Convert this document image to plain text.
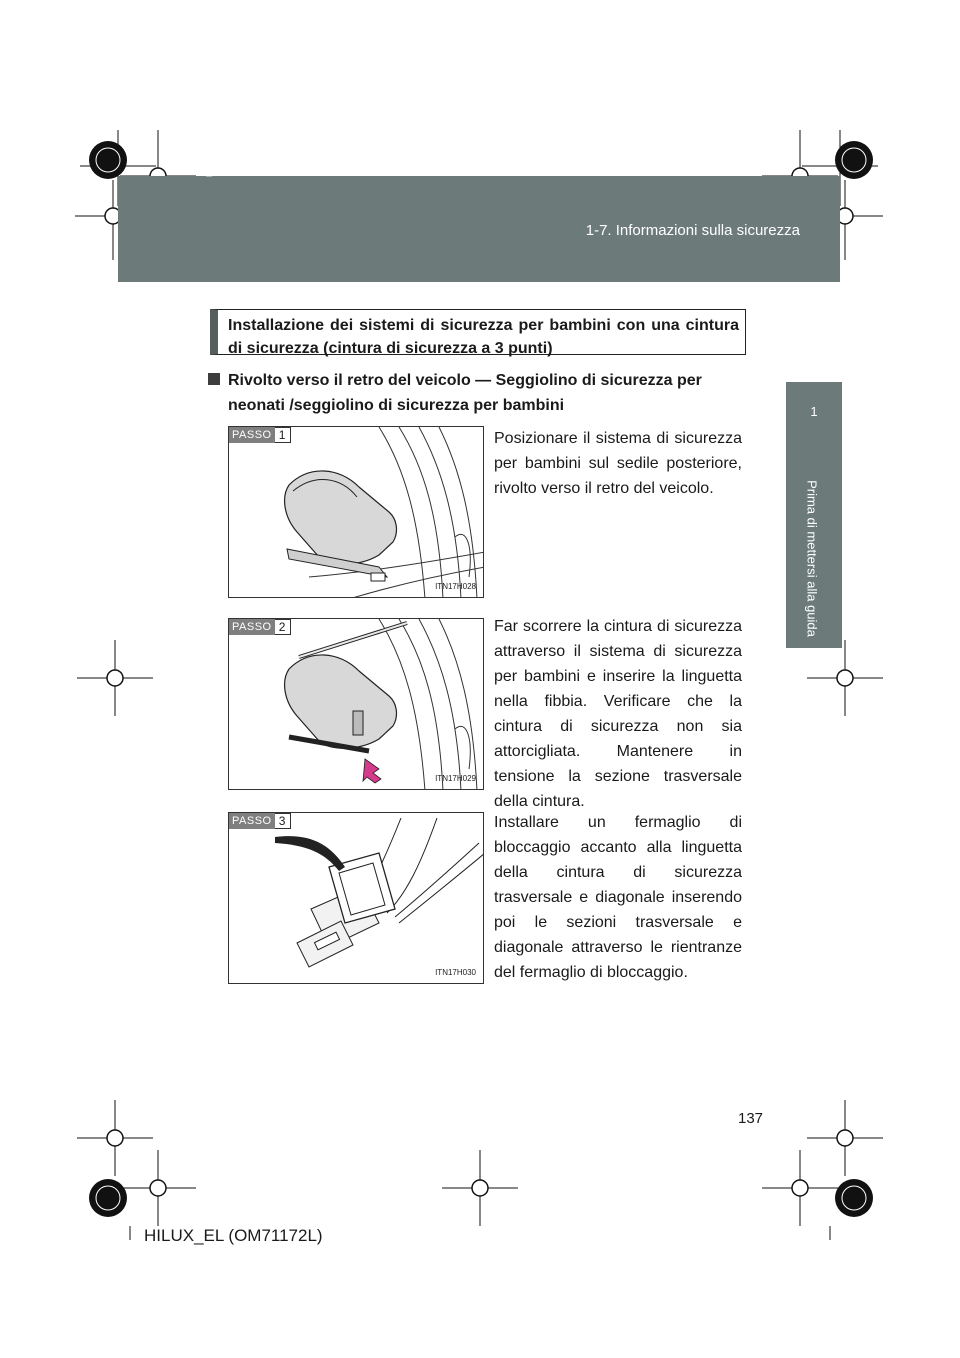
1-7. Informazioni sulla sicurezza
HILUX_EL.book Page 137 Wednesday, March 23, 2011 3:30 PM
1
Prima di mettersi alla guida
Installazione dei sistemi di sicurezza per bambini con una cintura di sicurezza (cintura di sicurezza a 3 punti)
Rivolto verso il retro del veicolo — Seggiolino di sicurezza per neonati /seggiolino di sicurezza per bambini
PASSO 1
ITN17H028
Posizionare il sistema di sicurezza per bambini sul sedile posteriore, rivolto verso il retro del veicolo.
PASSO 2
ITN17H029
Far scorrere la cintura di sicurezza attraverso il sistema di sicurezza per bambini e inserire la linguetta nella fibbia. Verificare che la cintura di sicurezza non sia attorcigliata. Mantenere in tensione la sezione trasversale della cintura.
PASSO 3
ITN17H030
Installare un fermaglio di bloccaggio accanto alla linguetta della cintura di sicurezza trasversale e diagonale inserendo poi le sezioni trasversale e diagonale attraverso le rientranze del fermaglio di bloccaggio.
137
HILUX_EL (OM71172L)
